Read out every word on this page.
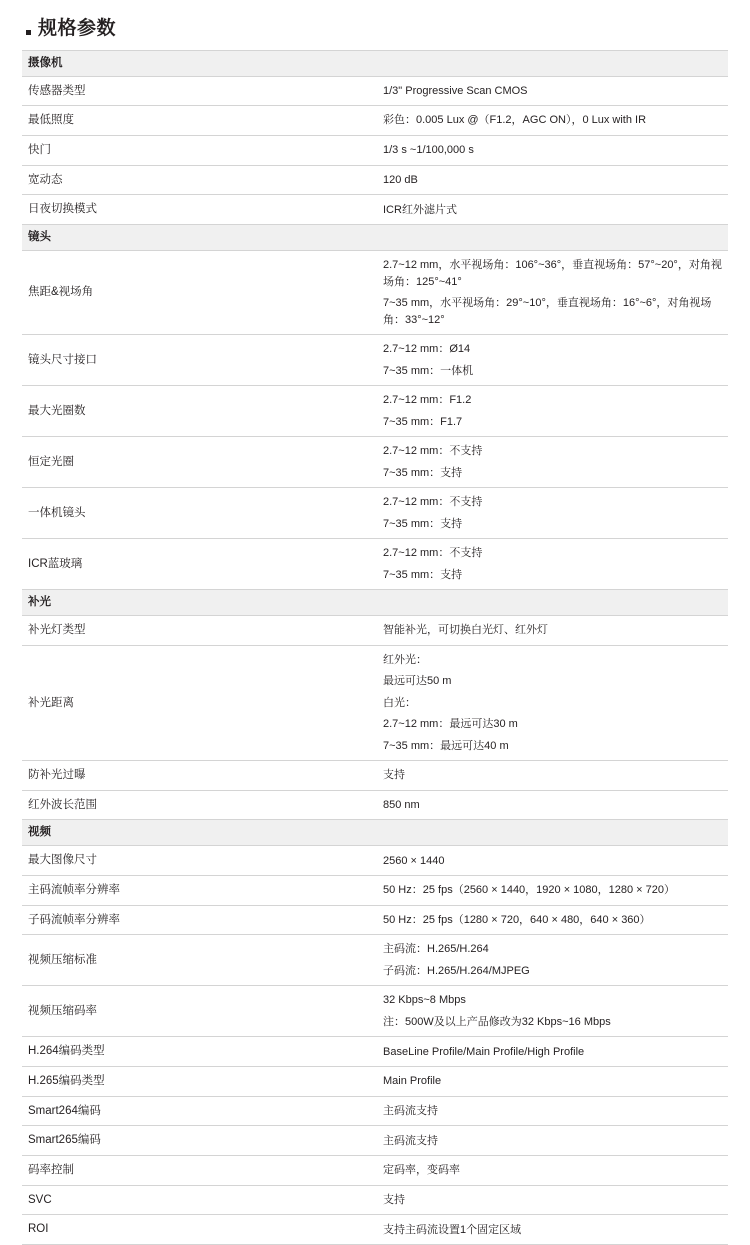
规格参数
摄像机	
传感器类型	1/3" Progressive Scan CMOS

最低照度	彩色：0.005 Lux @（F1.2，AGC ON），0 Lux with IR

快门	1/3 s ~1/100,000 s

宽动态	120 dB

日夜切换模式	ICR红外滤片式

镜头	
焦距&视场角	2.7~12 mm，水平视场角：106°~36°，垂直视场角：57°~20°，对角视场角：125°~41°
7~35 mm，水平视场角：29°~10°，垂直视场角：16°~6°，对角视场角：33°~12°

镜头尺寸接口	2.7~12 mm：Ø14
7~35 mm：一体机

最大光圈数	2.7~12 mm：F1.2
7~35 mm：F1.7

恒定光圈	2.7~12 mm：不支持
7~35 mm：支持

一体机镜头	2.7~12 mm：不支持
7~35 mm：支持

ICR蓝玻璃	2.7~12 mm：不支持
7~35 mm：支持

补光	
补光灯类型	智能补光，可切换白光灯、红外灯

补光距离	红外光：
最远可达50 m
白光：
2.7~12 mm：最远可达30 m
7~35 mm：最远可达40 m

防补光过曝	支持

红外波长范围	850 nm

视频	
最大图像尺寸	2560 × 1440

主码流帧率分辨率	50 Hz：25 fps（2560 × 1440，1920 × 1080，1280 × 720）

子码流帧率分辨率	50 Hz：25 fps（1280 × 720，640 × 480，640 × 360）

视频压缩标准	主码流：H.265/H.264
子码流：H.265/H.264/MJPEG

视频压缩码率	32 Kbps~8 Mbps
注：500W及以上产品修改为32 Kbps~16 Mbps

H.264编码类型	BaseLine Profile/Main Profile/High Profile

H.265编码类型	Main Profile

Smart264编码	主码流支持

Smart265编码	主码流支持

码率控制	定码率，变码率

SVC	支持

ROI	支持主码流设置1个固定区域
